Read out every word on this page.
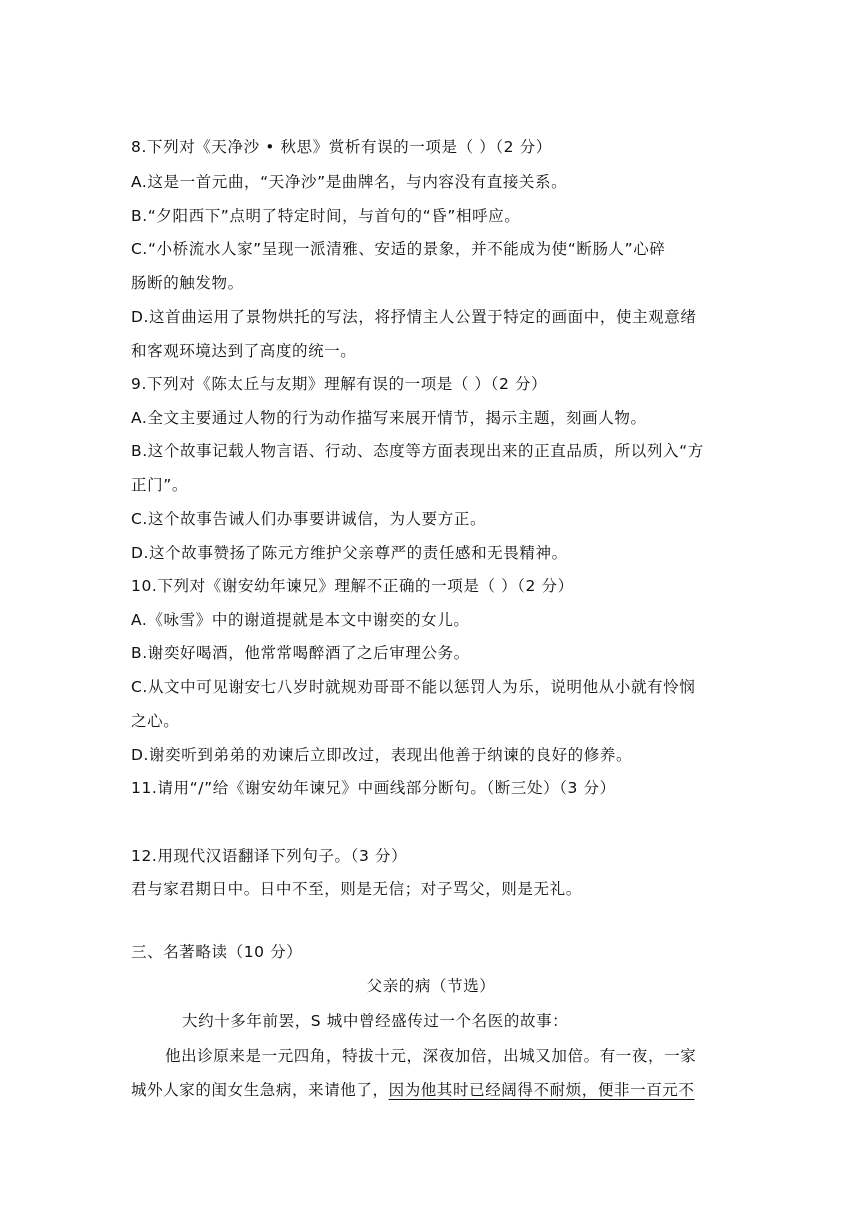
8.下列对《天净沙 • 秋思》赏析有误的一项是（ ）（2 分）
A.这是一首元曲，“天净沙”是曲牌名，与内容没有直接关系。
B.“夕阳西下”点明了特定时间，与首句的“昏”相呼应。
C.“小桥流水人家”呈现一派清雅、安适的景象，并不能成为使“断肠人”心碎
肠断的触发物。
D.这首曲运用了景物烘托的写法，将抒情主人公置于特定的画面中，使主观意绪
和客观环境达到了高度的统一。
9.下列对《陈太丘与友期》理解有误的一项是（ ）（2 分）
A.全文主要通过人物的行为动作描写来展开情节，揭示主题，刻画人物。
B.这个故事记载人物言语、行动、态度等方面表现出来的正直品质，所以列入“方
正门”。
C.这个故事告诫人们办事要讲诚信，为人要方正。
D.这个故事赞扬了陈元方维护父亲尊严的责任感和无畏精神。
10.下列对《谢安幼年谏兄》理解不正确的一项是（ ）（2 分）
A.《咏雪》中的谢道提就是本文中谢奕的女儿。
B.谢奕好喝酒，他常常喝醉酒了之后审理公务。
C.从文中可见谢安七八岁时就规劝哥哥不能以惩罚人为乐，说明他从小就有怜悯
之心。
D.谢奕听到弟弟的劝谏后立即改过，表现出他善于纳谏的良好的修养。
11.请用“/”给《谢安幼年谏兄》中画线部分断句。（断三处）（3 分）
12.用现代汉语翻译下列句子。（3 分）
君与家君期日中。日中不至，则是无信；对子骂父，则是无礼。
三、名著略读（10 分）
父亲的病（节选）
大约十多年前罢，S 城中曾经盛传过一个名医的故事：
他出诊原来是一元四角，特拔十元，深夜加倍，出城又加倍。有一夜，一家
城外人家的闺女生急病，来请他了，因为他其时已经阔得不耐烦，便非一百元不
